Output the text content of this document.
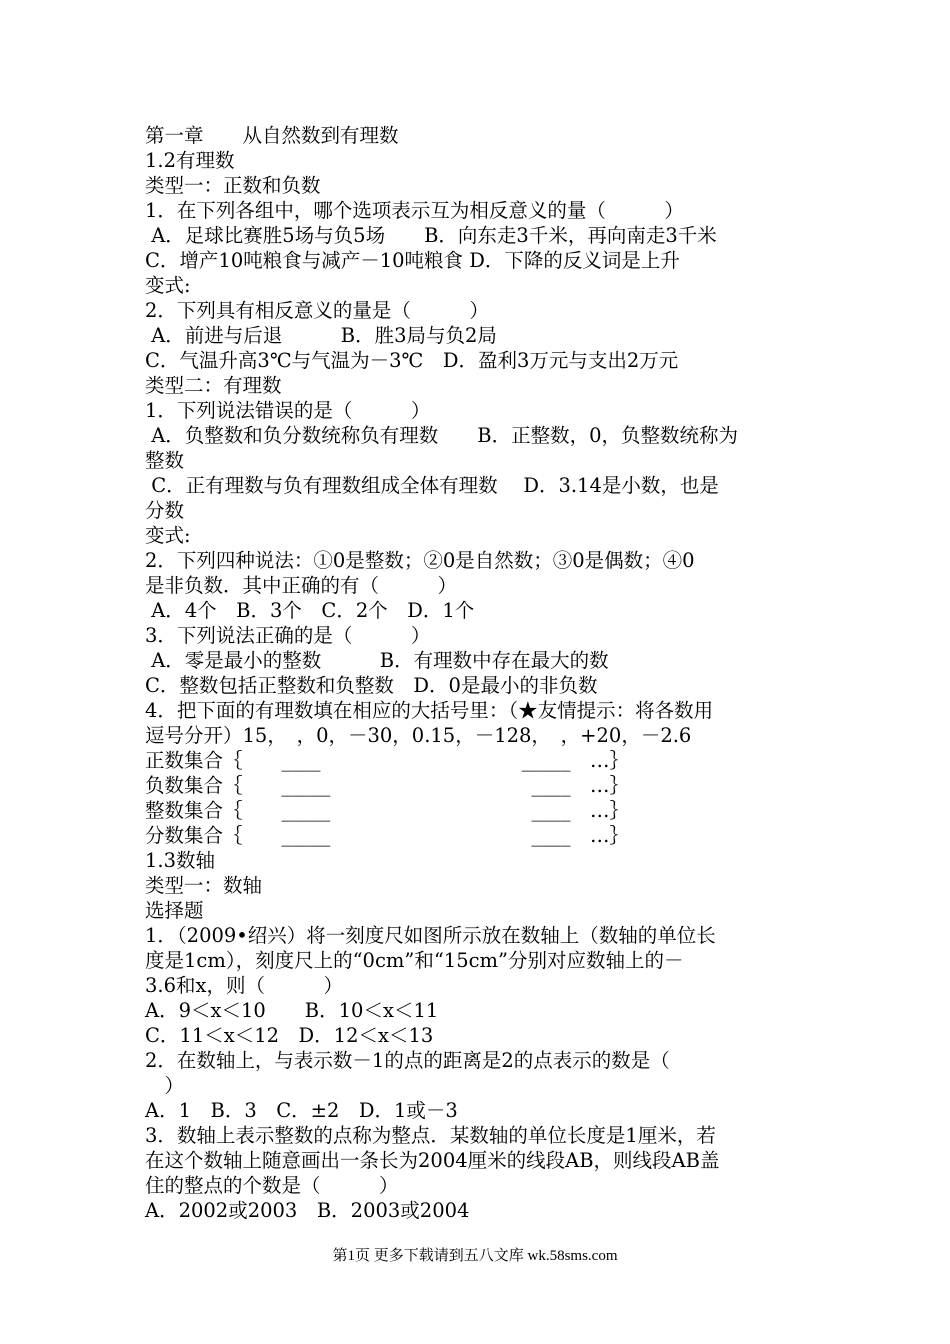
第一章　　从自然数到有理数
1.2有理数
类型一：正数和负数
1．在下列各组中，哪个选项表示互为相反意义的量（　　　）
A．足球比赛胜5场与负5场　　B．向东走3千米，再向南走3千米
C．增产10吨粮食与减产－10吨粮食 D．下降的反义词是上升
变式:
2．下列具有相反意义的量是（　　　）
A．前进与后退　　　B．胜3局与负2局
C．气温升高3℃与气温为－3℃　D．盈利3万元与支出2万元
类型二：有理数
1．下列说法错误的是（　　　）
A．负整数和负分数统称负有理数　　B．正整数，0，负整数统称为
整数
C．正有理数与负有理数组成全体有理数　 D．3.14是小数，也是
分数
变式:
2．下列四种说法：①0是整数；②0是自然数；③0是偶数；④0
是非负数．其中正确的有（　　　）
A．4个　B．3个　C．2个　D．1个
3．下列说法正确的是（　　　）
A．零是最小的整数　　　B．有理数中存在最大的数
C．整数包括正整数和负整数　D．0是最小的非负数
4．把下面的有理数填在相应的大括号里：（★友情提示：将各数用
逗号分开）15，　，0，－30，0.15，－128，　，+20，－2.6
正数集合｛　　____　　　　　　　　　　 _____　…｝
负数集合｛　　_____　　　　　　　　　　 ____　…｝
整数集合｛　　_____　　　　　　　　　　 ____　…｝
分数集合｛　　_____　　　　　　　　　　 ____　…｝
1.3数轴
类型一：数轴
选择题
1．（2009•绍兴）将一刻度尺如图所示放在数轴上（数轴的单位长
度是1cm），刻度尺上的“0cm”和“15cm”分别对应数轴上的－
3.6和x，则（　　　）
A．9＜x＜10　　B．10＜x＜11
C．11＜x＜12　D．12＜x＜13
2．在数轴上，与表示数－1的点的距离是2的点表示的数是（
　）
A．1　B．3　C．±2　D．1或－3
3．数轴上表示整数的点称为整点．某数轴的单位长度是1厘米，若
在这个数轴上随意画出一条长为2004厘米的线段AB，则线段AB盖
住的整点的个数是（　　　）
A．2002或2003　B．2003或2004
第1页 更多下载请到五八文库 wk.58sms.com
